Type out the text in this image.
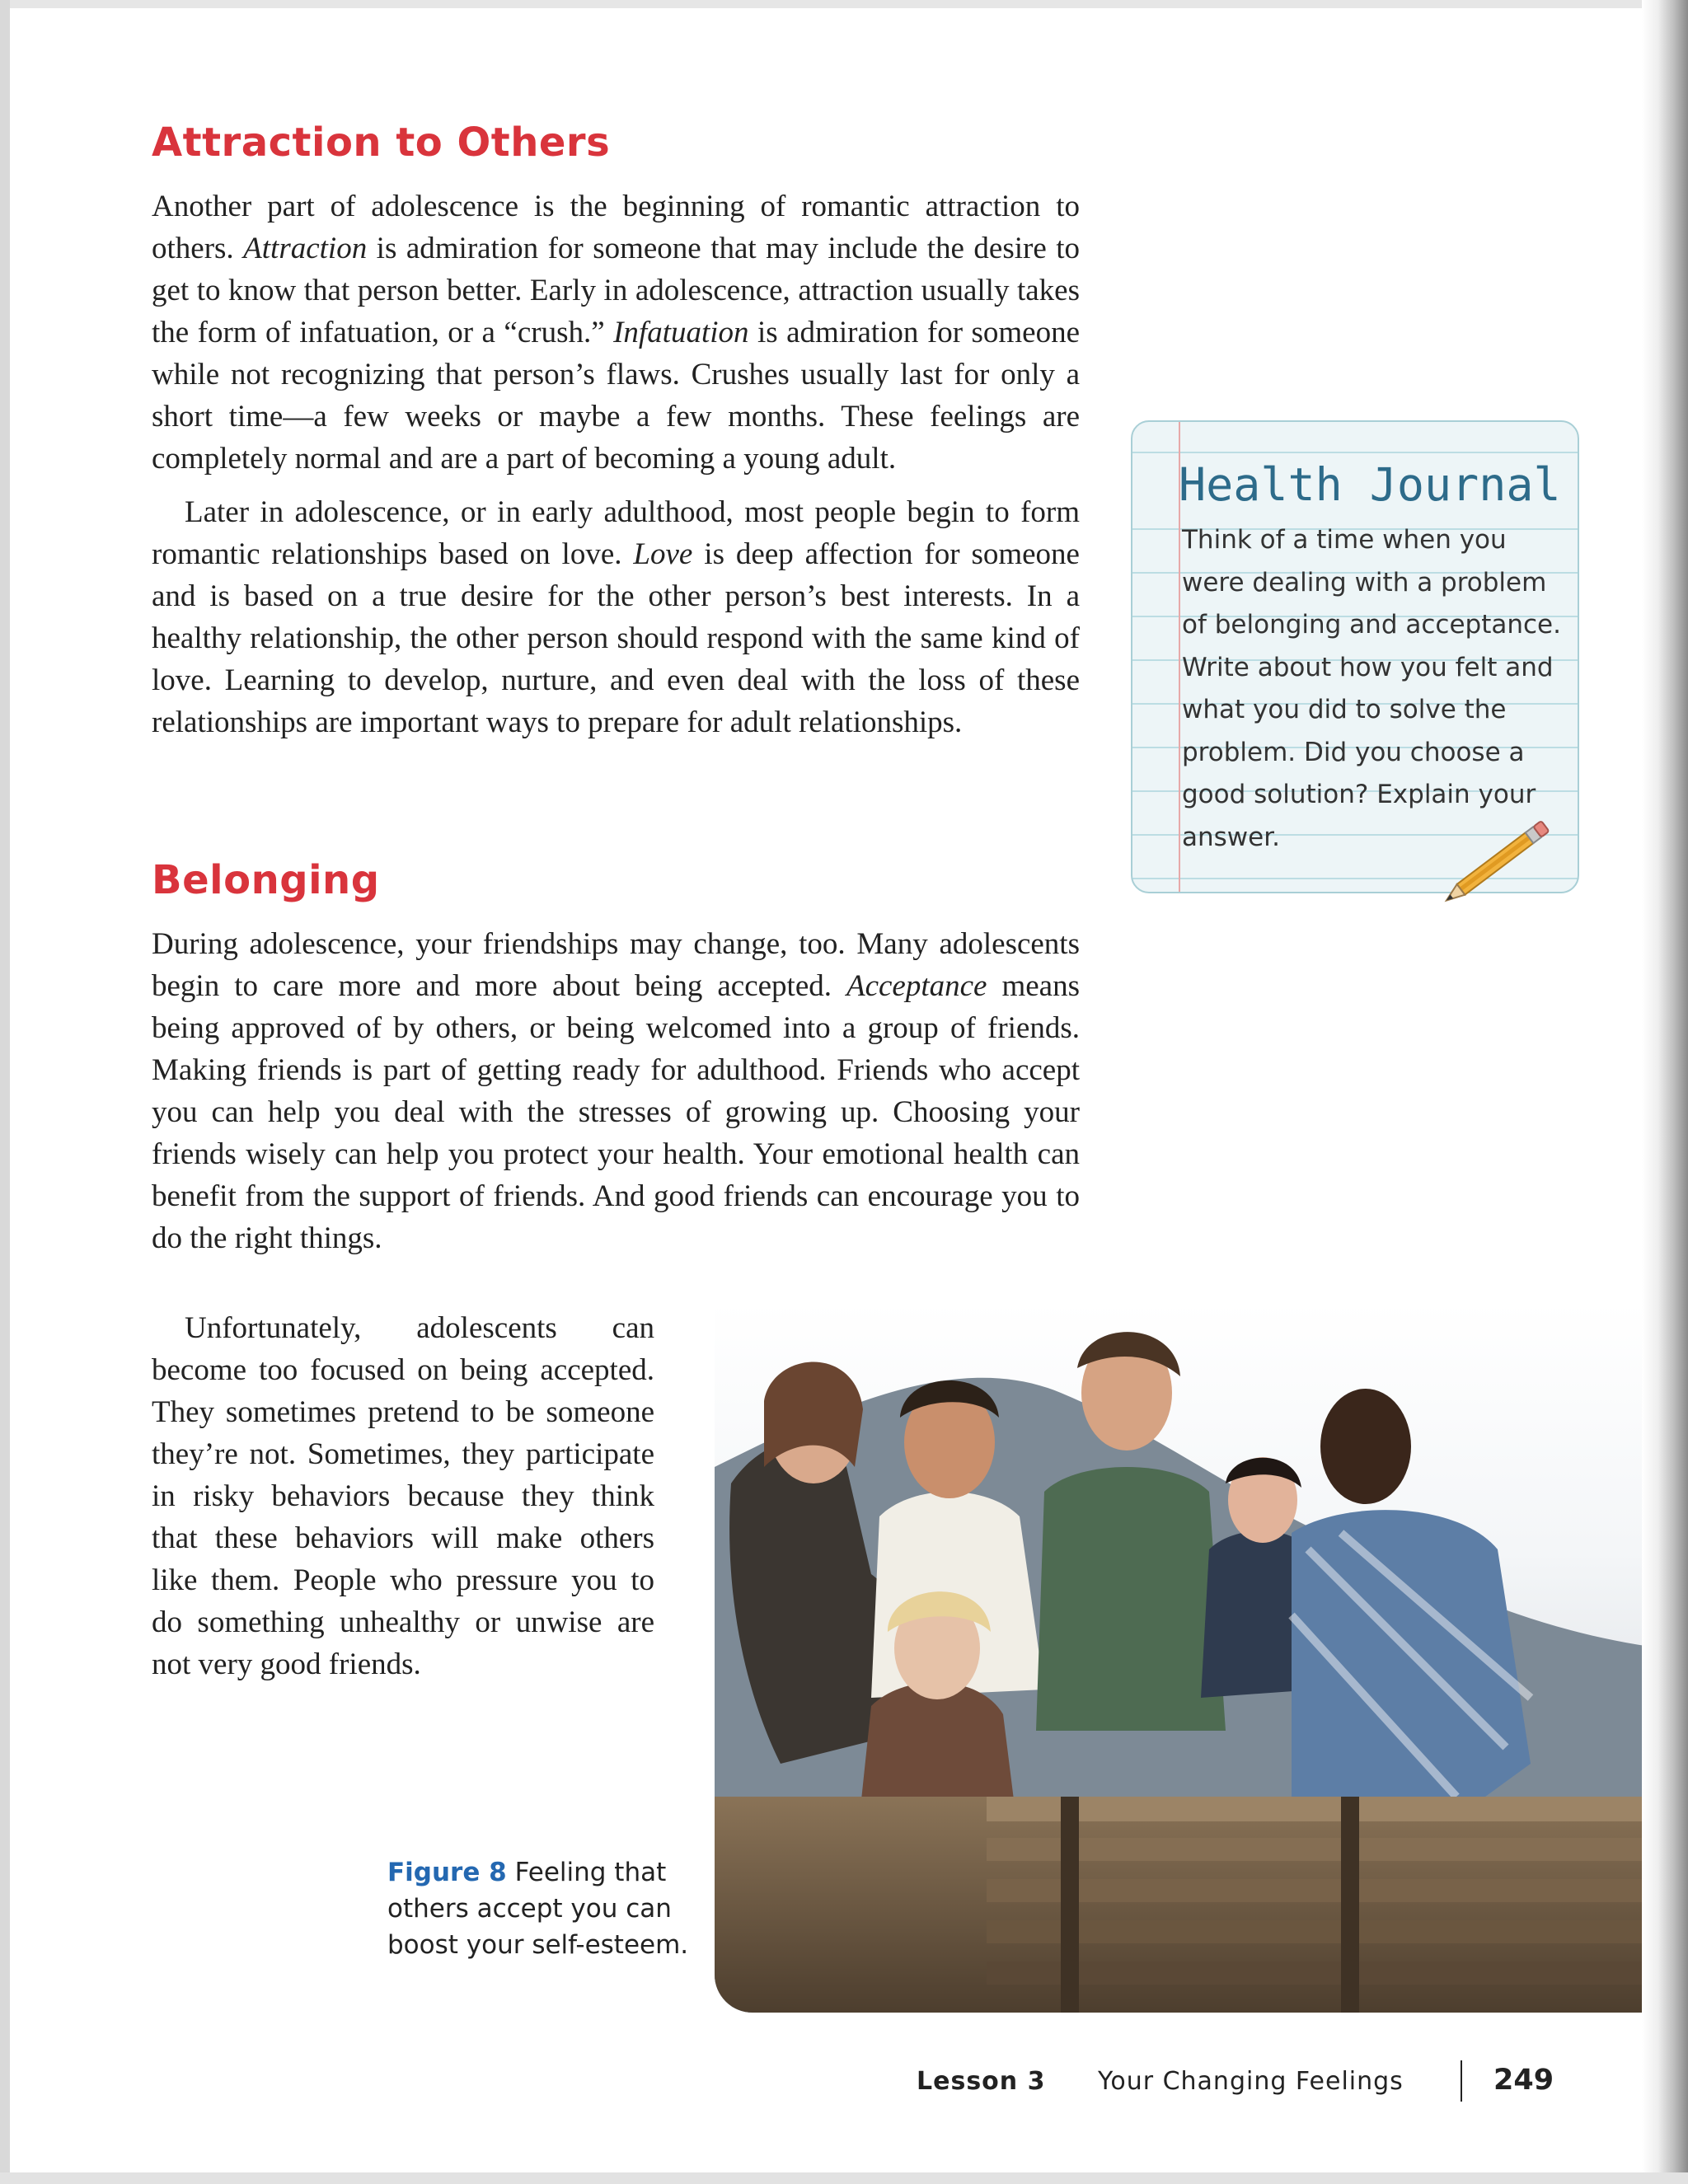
Attraction to Others

Another part of adolescence is the beginning of romantic attraction to others. Attraction is admiration for someone that may include the desire to get to know that person better. Early in adolescence, attraction usually takes the form of infatuation, or a “crush.” Infatuation is admiration for someone while not recognizing that person’s flaws. Crushes usually last for only a short time—a few weeks or maybe a few months. These feelings are completely normal and are a part of becoming a young adult.

Later in adolescence, or in early adulthood, most people begin to form romantic relationships based on love. Love is deep affection for someone and is based on a true desire for the other person’s best interests. In a healthy relationship, the other person should respond with the same kind of love. Learning to develop, nurture, and even deal with the loss of these relationships are important ways to prepare for adult relationships.

Belonging

During adolescence, your friendships may change, too. Many adolescents begin to care more and more about being accepted. Acceptance means being approved of by others, or being welcomed into a group of friends. Making friends is part of getting ready for adulthood. Friends who accept you can help you deal with the stresses of growing up. Choosing your friends wisely can help you protect your health. Your emotional health can benefit from the support of friends. And good friends can encourage you to do the right things.

Unfortunately, adolescents can become too focused on being accepted. They sometimes pretend to be someone they’re not. Sometimes, they participate in risky behaviors because they think that these behaviors will make others like them. People who pressure you to do something unhealthy or unwise are not very good friends.

Health Journal

Think of a time when you were dealing with a problem of belonging and acceptance. Write about how you felt and what you did to solve the problem. Did you choose a good solution? Explain your answer.

Figure 8 Feeling that others accept you can boost your self-esteem.

Lesson 3 Your Changing Feelings	249
